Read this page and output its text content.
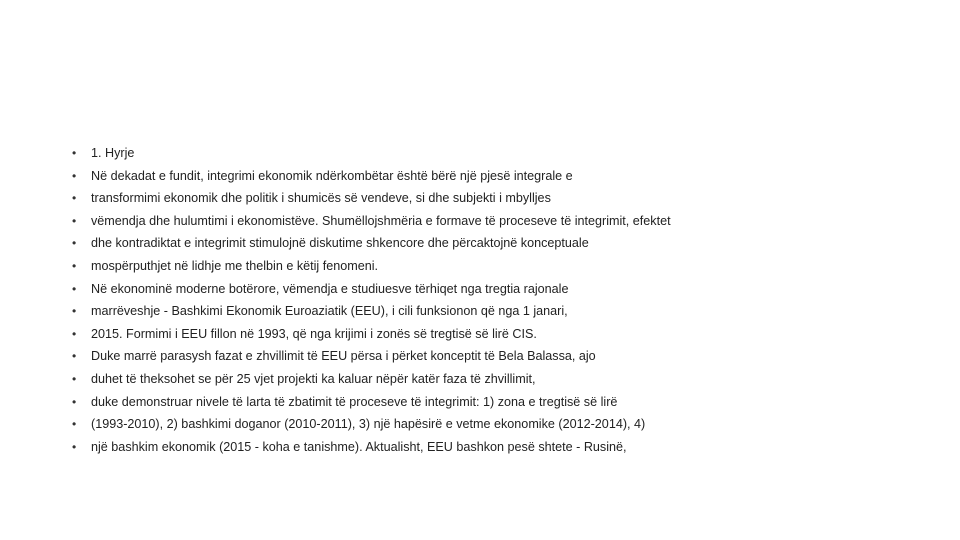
•	1. Hyrje
•	Në dekadat e fundit, integrimi ekonomik ndërkombëtar është bërë një pjesë integrale e
•	transformimi ekonomik dhe politik i shumicës së vendeve, si dhe subjekti i mbylljes
•	vëmendja dhe hulumtimi i ekonomistëve. Shumëllojshmëria e formave të proceseve të integrimit, efektet
•	dhe kontradiktat e integrimit stimulojnë diskutime shkencore dhe përcaktojnë konceptuale
•	mospërputhjet në lidhje me thelbin e këtij fenomeni.
•	Në ekonominë moderne botërore, vëmendja e studiuesve tërhiqet nga tregtia rajonale
•	marrëveshje - Bashkimi Ekonomik Euroaziatik (EEU), i cili funksionon që nga 1 janari,
•	2015. Formimi i EEU fillon në 1993, që nga krijimi i zonës së tregtisë së lirë CIS.
•	Duke marrë parasysh fazat e zhvillimit të EEU përsa i përket konceptit të Bela Balassa, ajo
•	duhet të theksohet se për 25 vjet projekti ka kaluar nëpër katër faza të zhvillimit,
•	duke demonstruar nivele të larta të zbatimit të proceseve të integrimit: 1) zona e tregtisë së lirë
•	(1993-2010), 2) bashkimi doganor (2010-2011), 3) një hapësirë e vetme ekonomike (2012-2014), 4)
•	një bashkim ekonomik (2015 - koha e tanishme). Aktualisht, EEU bashkon pesë shtete - Rusinë,
